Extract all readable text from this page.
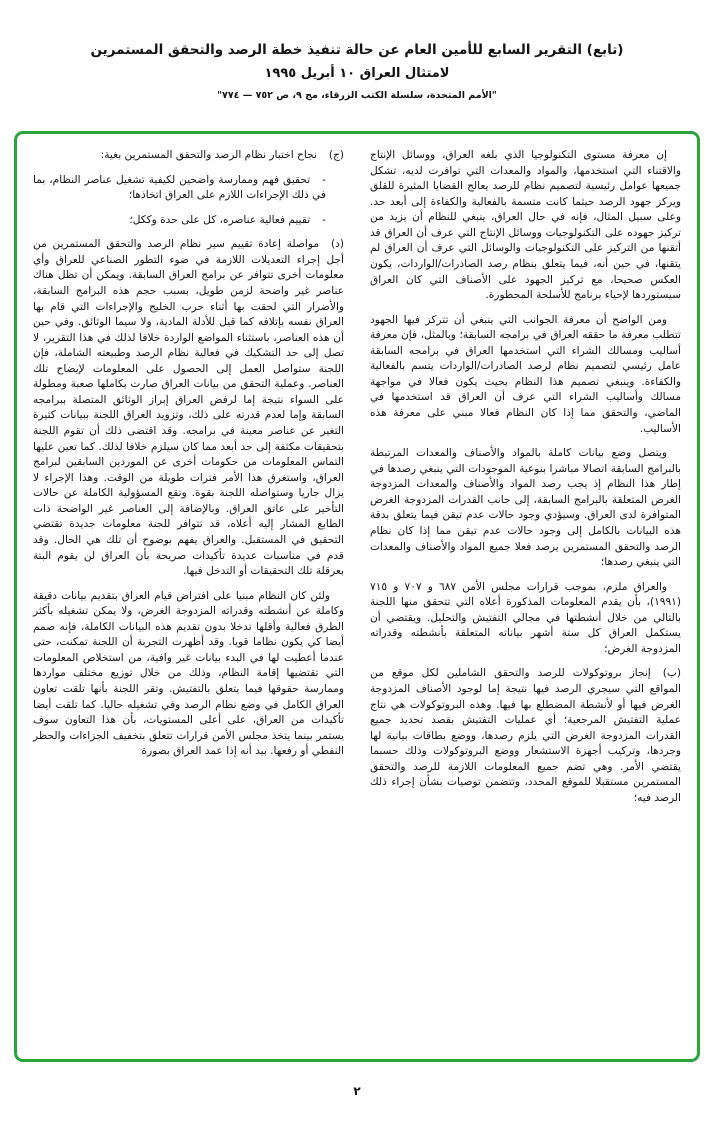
(تابع) التقرير السابع للأمين العام عن حالة تنفيذ خطة الرصد والتحقق المستمرين
لامتثال العراق ١٠ أبريل ١٩٩٥
"الأمم المتحدة، سلسلة الكتب الزرقاء، مج ٩، ص ٧٥٢ — ٧٧٤"

إن معرفة مستوى التكنولوجيا الذي بلغه العراق، ووسائل الإنتاج والاقتناء التي استخدمها، والمواد والمعدات التي توافرت لديه، تشكل جميعها عوامل رئيسية لتصميم نظام للرصد يعالج القضايا المثيرة للقلق ويركز جهود الرصد حيثما كانت متسمة بالفعالية والكفاءة إلى أبعد حد. وعلى سبيل المثال، فإنه في حال العراق، ينبغي للنظام أن يزيد من تركيز جهوده على التكنولوجيات ووسائل الإنتاج التي عرف أن العراق قد أتقنها من التركيز على التكنولوجيات والوسائل التي عرف أن العراق لم يتقنها، في حين أنه، فيما يتعلق بنظام رصد الصادرات/الواردات، يكون العكس صحيحا، مع تركيز الجهود على الأصناف التي كان العراق سيستوردها لإحياء برنامج للأسلحة المحظورة.

ومن الواضح أن معرفة الجوانب التي ينبغي أن تتركز فيها الجهود تتطلب معرفة ما حققه العراق في برامجه السابقة؛ وبالمثل، فإن معرفة أساليب ومسالك الشراء التي استخدمها العراق في برامجه السابقة عامل رئيسي لتصميم نظام لرصد الصادرات/الواردات يتسم بالفعالية والكفاءة. وينبغي تصميم هذا النظام بحيث يكون فعالا في مواجهة مسالك وأساليب الشراء التي عرف أن العراق قد استخدمها في الماضي، والتحقق مما إذا كان النظام فعالا مبني على معرفة هذه الأساليب.

ويتصل وضع بيانات كاملة بالمواد والأصناف والمعدات المرتبطة بالبرامج السابقة اتصالا مباشرا بنوعية الموجودات التي ينبغي رصدها في إطار هذا النظام إذ يجب رصد المواد والأصناف والمعدات المزدوجة الغرض المتعلقة بالبرامج السابقة، إلى جانب القدرات المزدوجة الغرض المتوافرة لدى العراق. وسيؤدي وجود حالات عدم تيقن فيما يتعلق بدقة هذه البيانات بالكامل إلى وجود حالات عدم تيقن مما إذا كان نظام الرصد والتحقق المستمرين يرصد فعلا جميع المواد والأصناف والمعدات التي ينبغي رصدها؛

والعراق ملزم، بموجب قرارات مجلس الأمن ٦٨٧ و ٧٠٧ و ٧١٥ (١٩٩١)، بأن يقدم المعلومات المذكورة أعلاه التي تتحقق منها اللجنة بالتالي من خلال أنشطتها في مجالي التفتيش والتحليل. ويقتضي أن يستكمل العراق كل ستة أشهر بياناته المتعلقة بأنشطته وقدراته المزدوجة الغرض؛

(ب)إنجاز بروتوكولات للرصد والتحقق الشاملين لكل موقع من المواقع التي سيجري الرصد فيها نتيجة إما لوجود الأصناف المزدوجة الغرض فيها أو لأنشطة المضطلع بها فيها. وهذه البروتوكولات هي نتاج عملية التفتيش المرجعية؛ أي عمليات التفتيش بقصد تحديد جميع القدرات المزدوجة الغرض التي يلزم رصدها، ووضع بطاقات بيانية لها وجردها، وتركيب أجهزة الاستشعار ووضع البروتوكولات وذلك حسبما يقتضي الأمر. وهي تضم جميع المعلومات اللازمة للرصد والتحقق المستمرين مستقبلا للموقع المحدد، وتتضمن توصيات بشأن إجراء ذلك الرصد فيه؛

(ج)نجاح اختبار نظام الرصد والتحقق المستمرين بغية:

-تحقيق فهم وممارسة واضحين لكيفية تشغيل عناصر النظام، بما في ذلك الإجراءات اللازم على العراق اتخاذها؛

-تقييم فعالية عناصره، كل على حدة وككل؛

(د)مواصلة إعادة تقييم سير نظام الرصد والتحقق المستمرين من أجل إجراء التعديلات اللازمة في ضوء التطور الصناعي للعراق وأي معلومات أخرى تتوافر عن برامج العراق السابقة. ويمكن أن تظل هناك عناصر غير واضحة لزمن طويل، بسبب حجم هذه البرامج السابقة، والأضرار التي لحقت بها أثناء حرب الخليج والإجراءات التي قام بها العراق نفسه بإتلافه كما قيل للأدلة المادية، ولا سيما الوثائق. وفي حين أن هذه العناصر، باستثناء المواضع الواردة خلافا لذلك في هذا التقرير، لا تصل إلى حد التشكيك في فعالية نظام الرصد وطبيعته الشاملة، فإن اللجنة ستواصل العمل إلى الحصول على المعلومات لإيضاح تلك العناصر. وعملية التحقق من بيانات العراق صارت بكاملها صعبة ومطولة على السواء نتيجة إما لرفض العراق إبراز الوثائق المتصلة ببرامجه السابقة وإما لعدم قدرته على ذلك، وتزويد العراق اللجنة ببيانات كثيرة التغير عن عناصر معينة في برامجه. وقد اقتضى ذلك أن تقوم اللجنة بتحقيقات مكثفة إلى حد أبعد مما كان سيلزم خلافا لذلك. كما تعين عليها التماس المعلومات من حكومات أخرى عن الموردين السابقين لبرامج العراق، واستغرق هذا الأمر فترات طويلة من الوقت. وهذا الإجراء لا يزال جاريا وستواصله اللجنة بقوة. وتقع المسؤولية الكاملة عن حالات التأخير على عاتق العراق. وبالإضافة إلى العناصر غير الواضحة ذات الطابع المشار إليه أعلاه، قد تتوافر للجنة معلومات جديدة تقتضي التحقيق في المستقبل. والعراق يفهم بوضوح أن تلك هي الحال. وقد قدم في مناسبات عديدة تأكيدات صريحة بأن العراق لن يقوم البتة بعرقلة تلك التحقيقات أو التدخل فيها.

ولئن كان النظام مبنيا على افتراض قيام العراق بتقديم بيانات دقيقة وكاملة عن أنشطته وقدراته المزدوجة الغرض، ولا يمكن تشغيله بأكثر الطرق فعالية وأقلها تدخلا بدون تقديم هذه البيانات الكاملة، فإنه صمم أيضا كي يكون نظاما قويا. وقد أظهرت التجربة أن اللجنة تمكنت، حتى عندما أعطيت لها في البدء بيانات غير وافية، من استخلاص المعلومات التي تقتضيها إقامة النظام، وذلك من خلال توزيع مختلف مواردها وممارسة حقوقها فيما يتعلق بالتفتيش. وتقر اللجنة بأنها تلقت تعاون العراق الكامل في وضع نظام الرصد وفي تشغيله حاليا. كما تلقت أيضا تأكيدات من العراق، على أعلى المستويات، بأن هذا التعاون سوف يستمر بينما يتخذ مجلس الأمن قرارات تتعلق بتخفيف الجزاءات والحظر النفطي أو رفعها. بيد أنه إذا عمد العراق بصورة

٢
